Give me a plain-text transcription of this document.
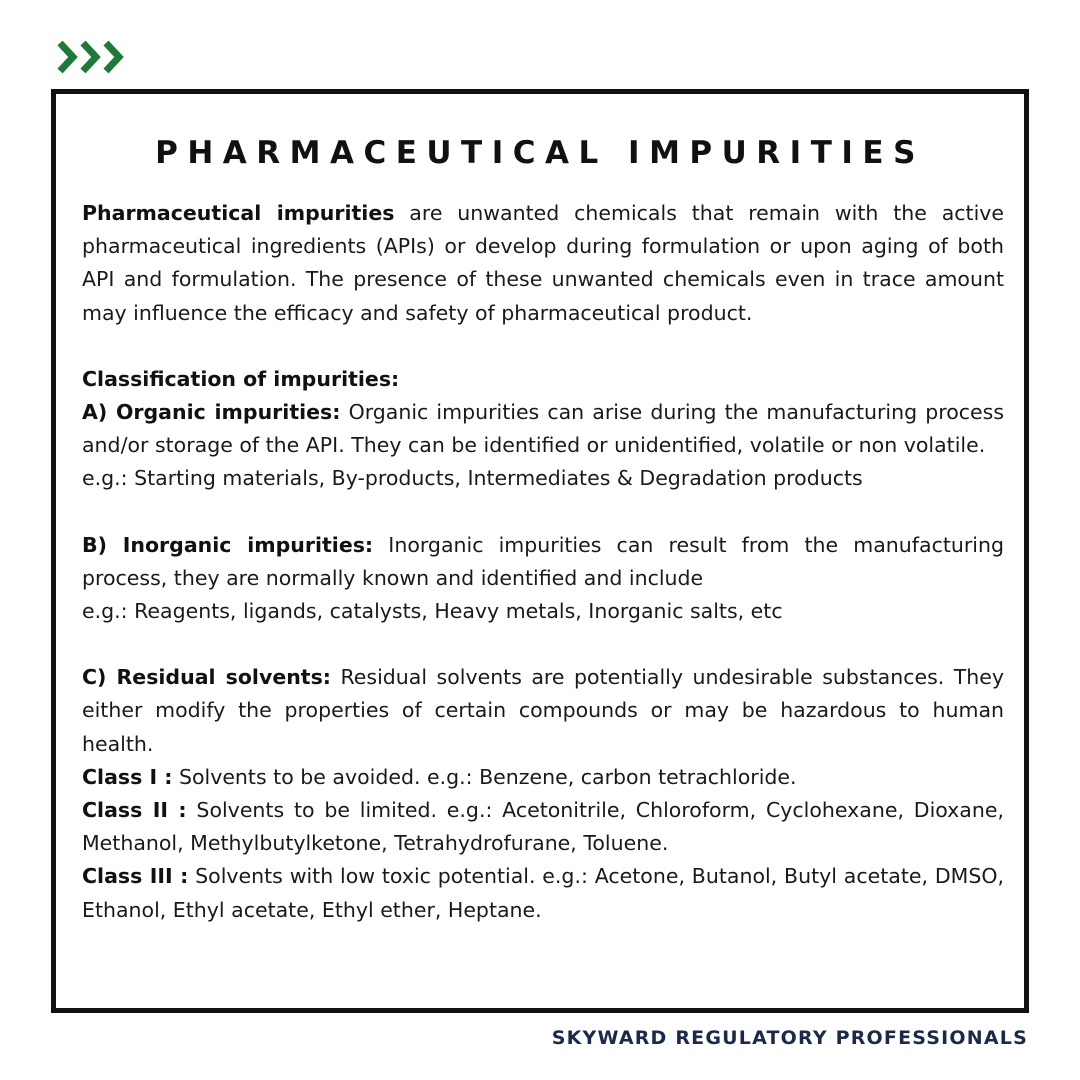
PHARMACEUTICAL IMPURITIES

Pharmaceutical impurities are unwanted chemicals that remain with the active pharmaceutical ingredients (APIs) or develop during formulation or upon aging of both API and formulation. The presence of these unwanted chemicals even in trace amount may influence the efficacy and safety of pharmaceutical product.

Classification of impurities:

A) Organic impurities: Organic impurities can arise during the manufacturing process and/or storage of the API. They can be identified or unidentified, volatile or non volatile.

e.g.: Starting materials, By-products, Intermediates & Degradation products

B) Inorganic impurities: Inorganic impurities can result from the manufacturing process, they are normally known and identified and include

e.g.: Reagents, ligands, catalysts, Heavy metals, Inorganic salts, etc

C) Residual solvents: Residual solvents are potentially undesirable substances. They either modify the properties of certain compounds or may be hazardous to human health.

Class I : Solvents to be avoided. e.g.: Benzene, carbon tetrachloride.

Class II : Solvents to be limited. e.g.: Acetonitrile, Chloroform, Cyclohexane, Dioxane, Methanol, Methylbutylketone, Tetrahydrofurane, Toluene.

Class III : Solvents with low toxic potential. e.g.: Acetone, Butanol, Butyl acetate, DMSO, Ethanol, Ethyl acetate, Ethyl ether, Heptane.

SKYWARD REGULATORY PROFESSIONALS
